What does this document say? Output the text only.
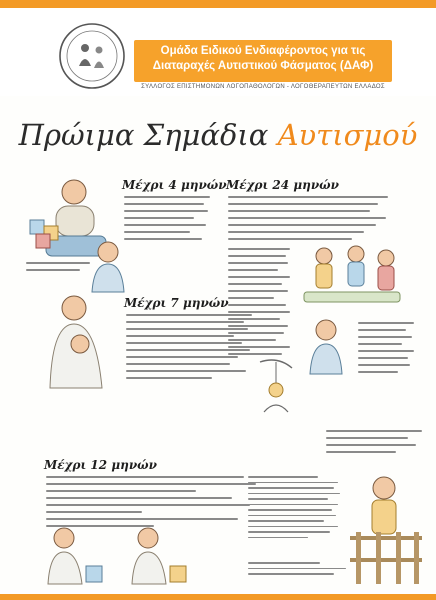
Ομάδα Ειδικού Ενδιαφέροντος για τις
Διαταραχές Αυτιστικού Φάσματος (ΔΑΦ)
ΣΥΛΛΟΓΟΣ ΕΠΙΣΤΗΜΟΝΩΝ ΛΟΓΟΠΑΘΟΛΟΓΩΝ - ΛΟΓΟΘΕΡΑΠΕΥΤΩΝ ΕΛΛΑΔΟΣ
Πρώιμα Σημάδια Αυτισμού
Μέχρι 4 μηνών Μέχρι 24 μηνών
Μέχρι 7 μηνών
Μέχρι 12 μηνών
